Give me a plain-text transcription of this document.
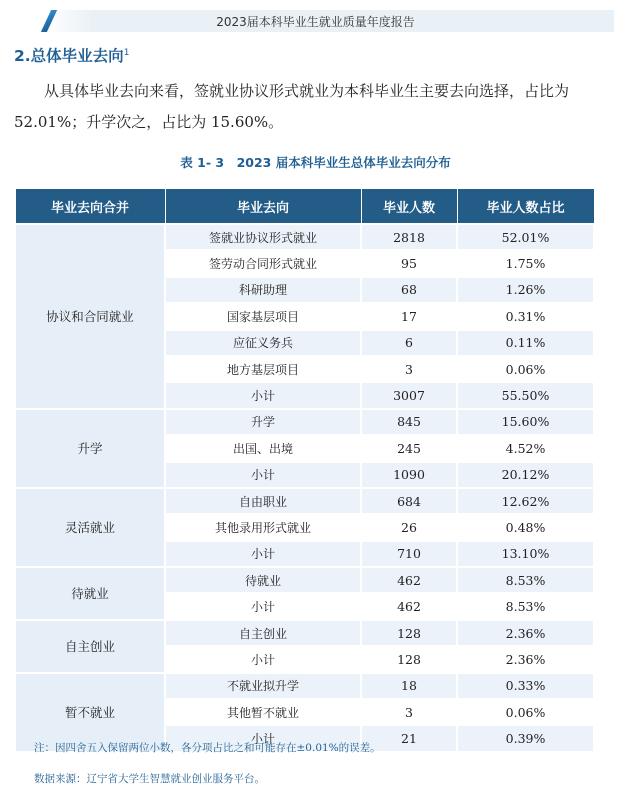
2023届本科毕业生就业质量年度报告
2.总体毕业去向$^1$
从具体毕业去向来看，签就业协议形式就业为本科毕业生主要去向选择，占比为 52.01%；升学次之，占比为 15.60%。
表 1- 3　2023 届本科毕业生总体毕业去向分布
毕业去向合并	毕业去向	毕业人数	毕业人数占比
协议和合同就业	签就业协议形式就业	2818	52.01%
	签劳动合同形式就业	95	1.75%
	科研助理	68	1.26%
	国家基层项目	17	0.31%
	应征义务兵	6	0.11%
	地方基层项目	3	0.06%
	小计	3007	55.50%
升学	升学	845	15.60%
	出国、出境	245	4.52%
	小计	1090	20.12%
灵活就业	自由职业	684	12.62%
	其他录用形式就业	26	0.48%
	小计	710	13.10%
待就业	待就业	462	8.53%
	小计	462	8.53%
自主创业	自主创业	128	2.36%
	小计	128	2.36%
暂不就业	不就业拟升学	18	0.33%
	其他暂不就业	3	0.06%
	小计	21	0.39%
注：因四舍五入保留两位小数，各分项占比之和可能存在±0.01%的误差。
数据来源：辽宁省大学生智慧就业创业服务平台。
